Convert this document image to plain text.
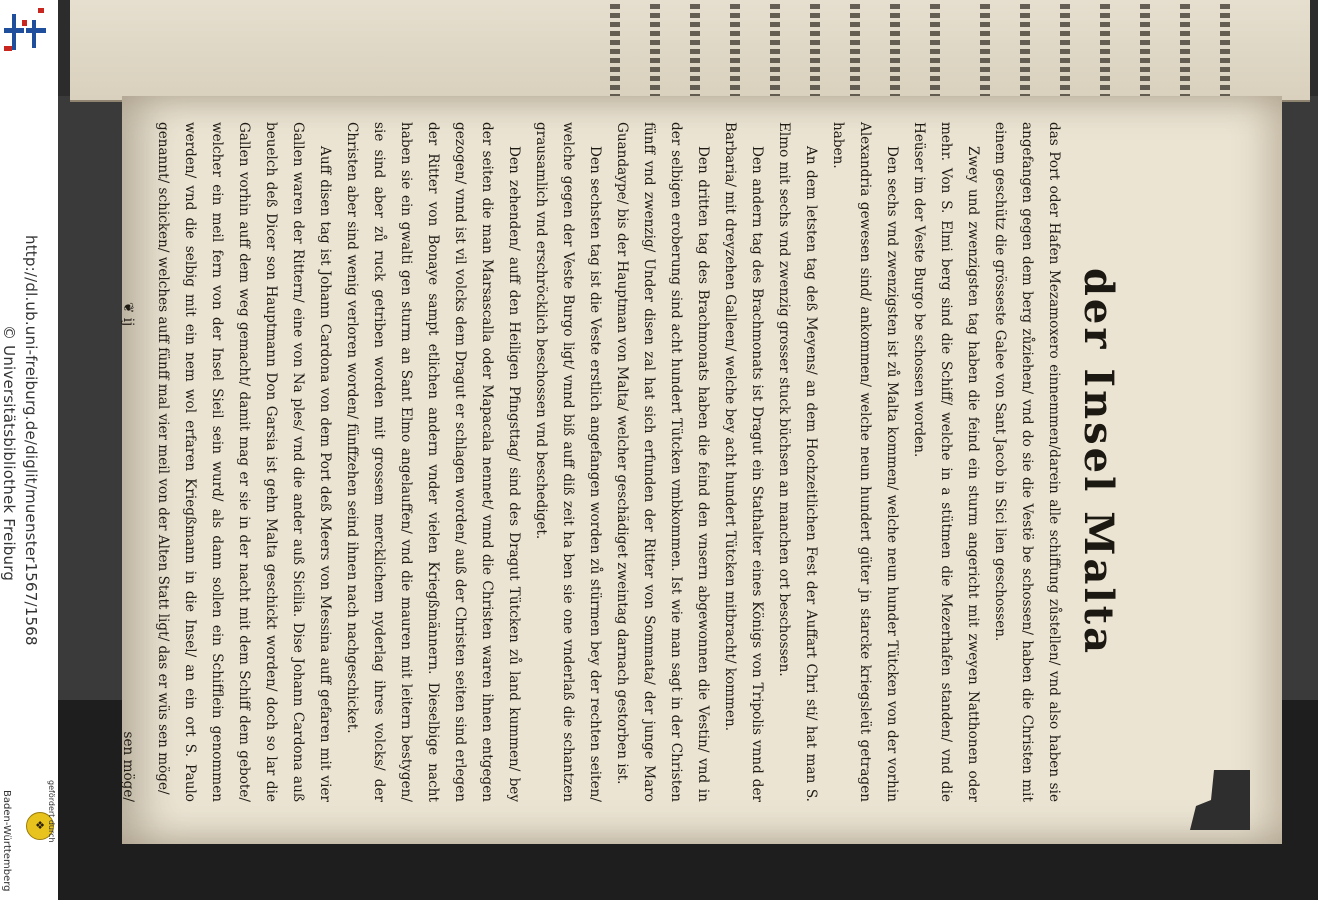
http://dl.ub.uni-freiburg.de/diglit/muenster1567/1568
© Universitätsbibliothek Freiburg
❖ gefördert durch
Baden-Württemberg
der Insel Malta

das Port oder Hafen Mezamoxero einnemmen/darein alle schiffung zůstellen/ vnd also haben sie angefangen gegen dem berg zůziehen/ vnd do sie die Vestë be schossen/ haben die Christen mit einem geschütz die grösseste Galee von Sant Jacob in Sici lien geschossen.

Zwey und zwenzigsten tag haben die feind ein sturm angericht mit zweyen Natthonen oder mehr. Von S. Elmi berg sind die Schiff/ welche in a stütmen die Mezerhafen standen/ vnd die Heüser im der Veste Burgo be schossen worden.

Den sechs vnd zwenzigsten ist zů Malta kommen/ welche neun hunder Tütcken von der vorhin Alexandria gewesen sind/ ankommen/ welche neun hundert güter jn starcke kriegsleüt getragen haben.

An dem letsten tag deß Meyens/ an dem Hochzeitlichen Fest der Auffart Chri sti/ hat man S. Elmo mit sechs vnd zwenzig grosser stuck büchsen an manchen ort beschossen.

Den andern tag des Brachmonats ist Dragut ein Stathalter eines Königs von Tripolis vnnd der Barbaria/ mit dreyzehen Galleen/ welche bey acht hundert Tütcken mitbracht/ kommen.

Den dritten tag des Brachmonats haben die feind den vnsern abgewonnen die Vestin/ vnd in der selbigen eroberung sind acht hundert Tütcken vmbkommen. Ist wie man sagt in der Christen fünff vnd zwenzig/ Under disen zal hat sich erfunden der Ritter von Sommata/ der junge Maro Guandaype/ bis der Hauptman von Malta/ welcher geschädiget zweintag darnach gestorben ist.

Den sechsten tag ist die Veste erstlich angefangen worden zů stürmen bey der rechten seiten/ welche gegen der Veste Burgo ligt/ vnnd biß auff diß zeit ha ben sie one vnderlaß die schantzen grausamlich vnd erschröcklich beschossen vnd beschediget.

Den zehenden/ auff den Heiligen Pfingsttag/ sind des Dragut Tütcken zů land kummen/ bey der seiten die man Marsascalla oder Mapacala nennet/ vnnd die Christen waren ihnen entgegen gezogen/ vnnd ist vil volcks dem Dragut er schlagen worden/ auß der Christen seiten sind erlegen der Ritter von Bonaye sampt etlichen andern vnder vielen Kriegßmännern. Dieselbige nacht haben sie ein gwalti gen sturm an Sant Elmo angelauffen/ vnd die mauren mit leitern bestygen/ sie sind aber zů ruck getriben worden mit grossem mercklichem nyderlag ihres volcks/ der Christen aber sind wenig verloren worden/ fünffzehen seind ihnen nach nachgeschicket.

Auff disen tag ist Johann Cardona von dem Port deß Meers von Messina auff gefaren mit vier Gallen waren der Rittern/ eine von Na ples/ vnd die ander auß Sicilia. Dise Johann Cardona auß beuelch deß Dicer son Hauptmann Don Garsia ist gehn Malta geschickt worden/ doch so lar die Gallen vorhin auff dem weg gemacht/ damit mag er sie in der nacht mit dem Schiff dem gebote/ welcher ein meil fern von der Insel Sieil sein wurd/ als dann sollen ein Schifflein genommen werden/ vnd die selbig mit ein nem wol erfaren Kriegßmann in die Insel/ an ein ort S. Paulo genannt/ schicken/ welches auff fünff mal vier meil von der Alten Statt ligt/ das er wüs sen möge/

❦ ij
sen möge/
